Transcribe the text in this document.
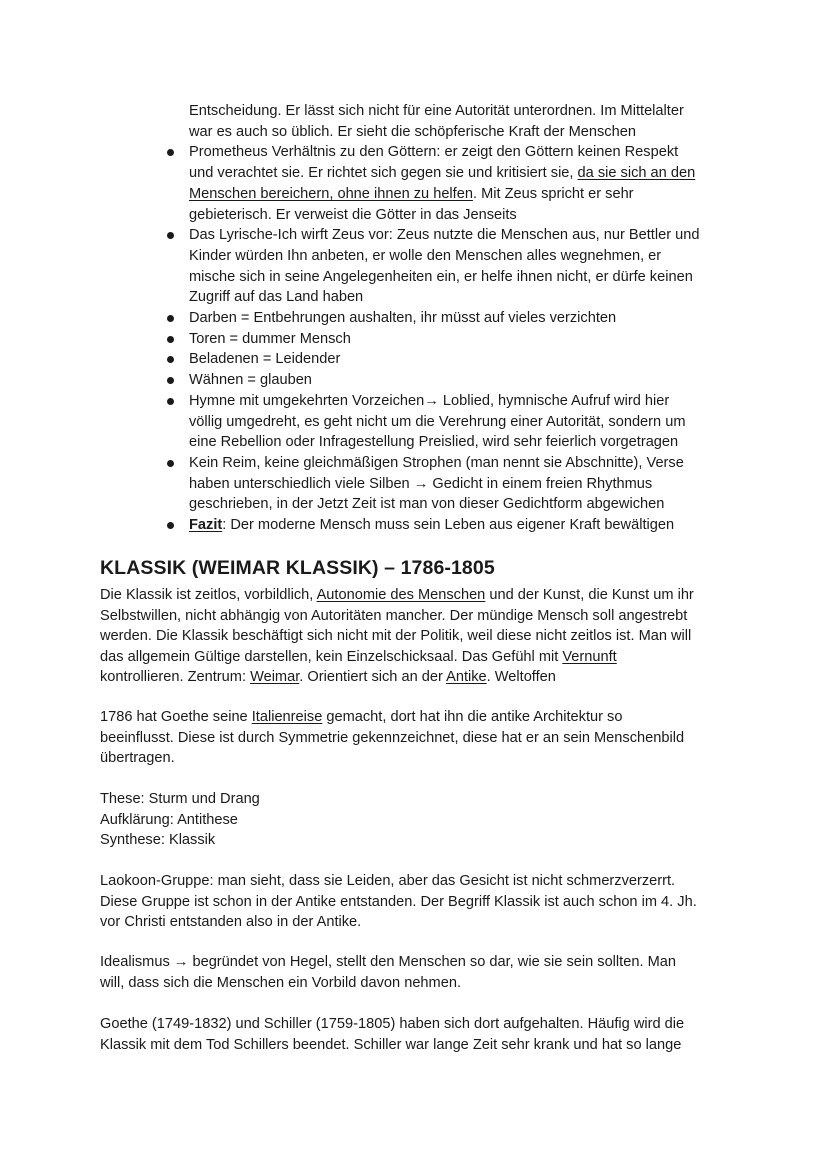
Entscheidung. Er lässt sich nicht für eine Autorität unterordnen. Im Mittelalter
war es auch so üblich. Er sieht die schöpferische Kraft der Menschen
Prometheus Verhältnis zu den Göttern: er zeigt den Göttern keinen Respekt
und verachtet sie. Er richtet sich gegen sie und kritisiert sie, da sie sich an den
Menschen bereichern, ohne ihnen zu helfen. Mit Zeus spricht er sehr
gebieterisch. Er verweist die Götter in das Jenseits
Das Lyrische-Ich wirft Zeus vor: Zeus nutzte die Menschen aus, nur Bettler und
Kinder würden Ihn anbeten, er wolle den Menschen alles wegnehmen, er
mische sich in seine Angelegenheiten ein, er helfe ihnen nicht, er dürfe keinen
Zugriff auf das Land haben
Darben = Entbehrungen aushalten, ihr müsst auf vieles verzichten
Toren = dummer Mensch
Beladenen = Leidender
Wähnen = glauben
Hymne mit umgekehrten Vorzeichen→ Loblied, hymnische Aufruf wird hier
völlig umgedreht, es geht nicht um die Verehrung einer Autorität, sondern um
eine Rebellion oder Infragestellung Preislied, wird sehr feierlich vorgetragen
Kein Reim, keine gleichmäßigen Strophen (man nennt sie Abschnitte), Verse
haben unterschiedlich viele Silben → Gedicht in einem freien Rhythmus
geschrieben, in der Jetzt Zeit ist man von dieser Gedichtform abgewichen
Fazit: Der moderne Mensch muss sein Leben aus eigener Kraft bewältigen
KLASSIK (WEIMAR KLASSIK) – 1786-1805

Die Klassik ist zeitlos, vorbildlich, Autonomie des Menschen und der Kunst, die Kunst um ihr
Selbstwillen, nicht abhängig von Autoritäten mancher. Der mündige Mensch soll angestrebt
werden. Die Klassik beschäftigt sich nicht mit der Politik, weil diese nicht zeitlos ist. Man will
das allgemein Gültige darstellen, kein Einzelschicksaal. Das Gefühl mit Vernunft
kontrollieren. Zentrum: Weimar. Orientiert sich an der Antike. Weltoffen

1786 hat Goethe seine Italienreise gemacht, dort hat ihn die antike Architektur so
beeinflusst. Diese ist durch Symmetrie gekennzeichnet, diese hat er an sein Menschenbild
übertragen.

These: Sturm und Drang
Aufklärung: Antithese
Synthese: Klassik

Laokoon-Gruppe: man sieht, dass sie Leiden, aber das Gesicht ist nicht schmerzverzerrt.
Diese Gruppe ist schon in der Antike entstanden. Der Begriff Klassik ist auch schon im 4. Jh.
vor Christi entstanden also in der Antike.

Idealismus → begründet von Hegel, stellt den Menschen so dar, wie sie sein sollten. Man
will, dass sich die Menschen ein Vorbild davon nehmen.

Goethe (1749-1832) und Schiller (1759-1805) haben sich dort aufgehalten. Häufig wird die
Klassik mit dem Tod Schillers beendet. Schiller war lange Zeit sehr krank und hat so lange
